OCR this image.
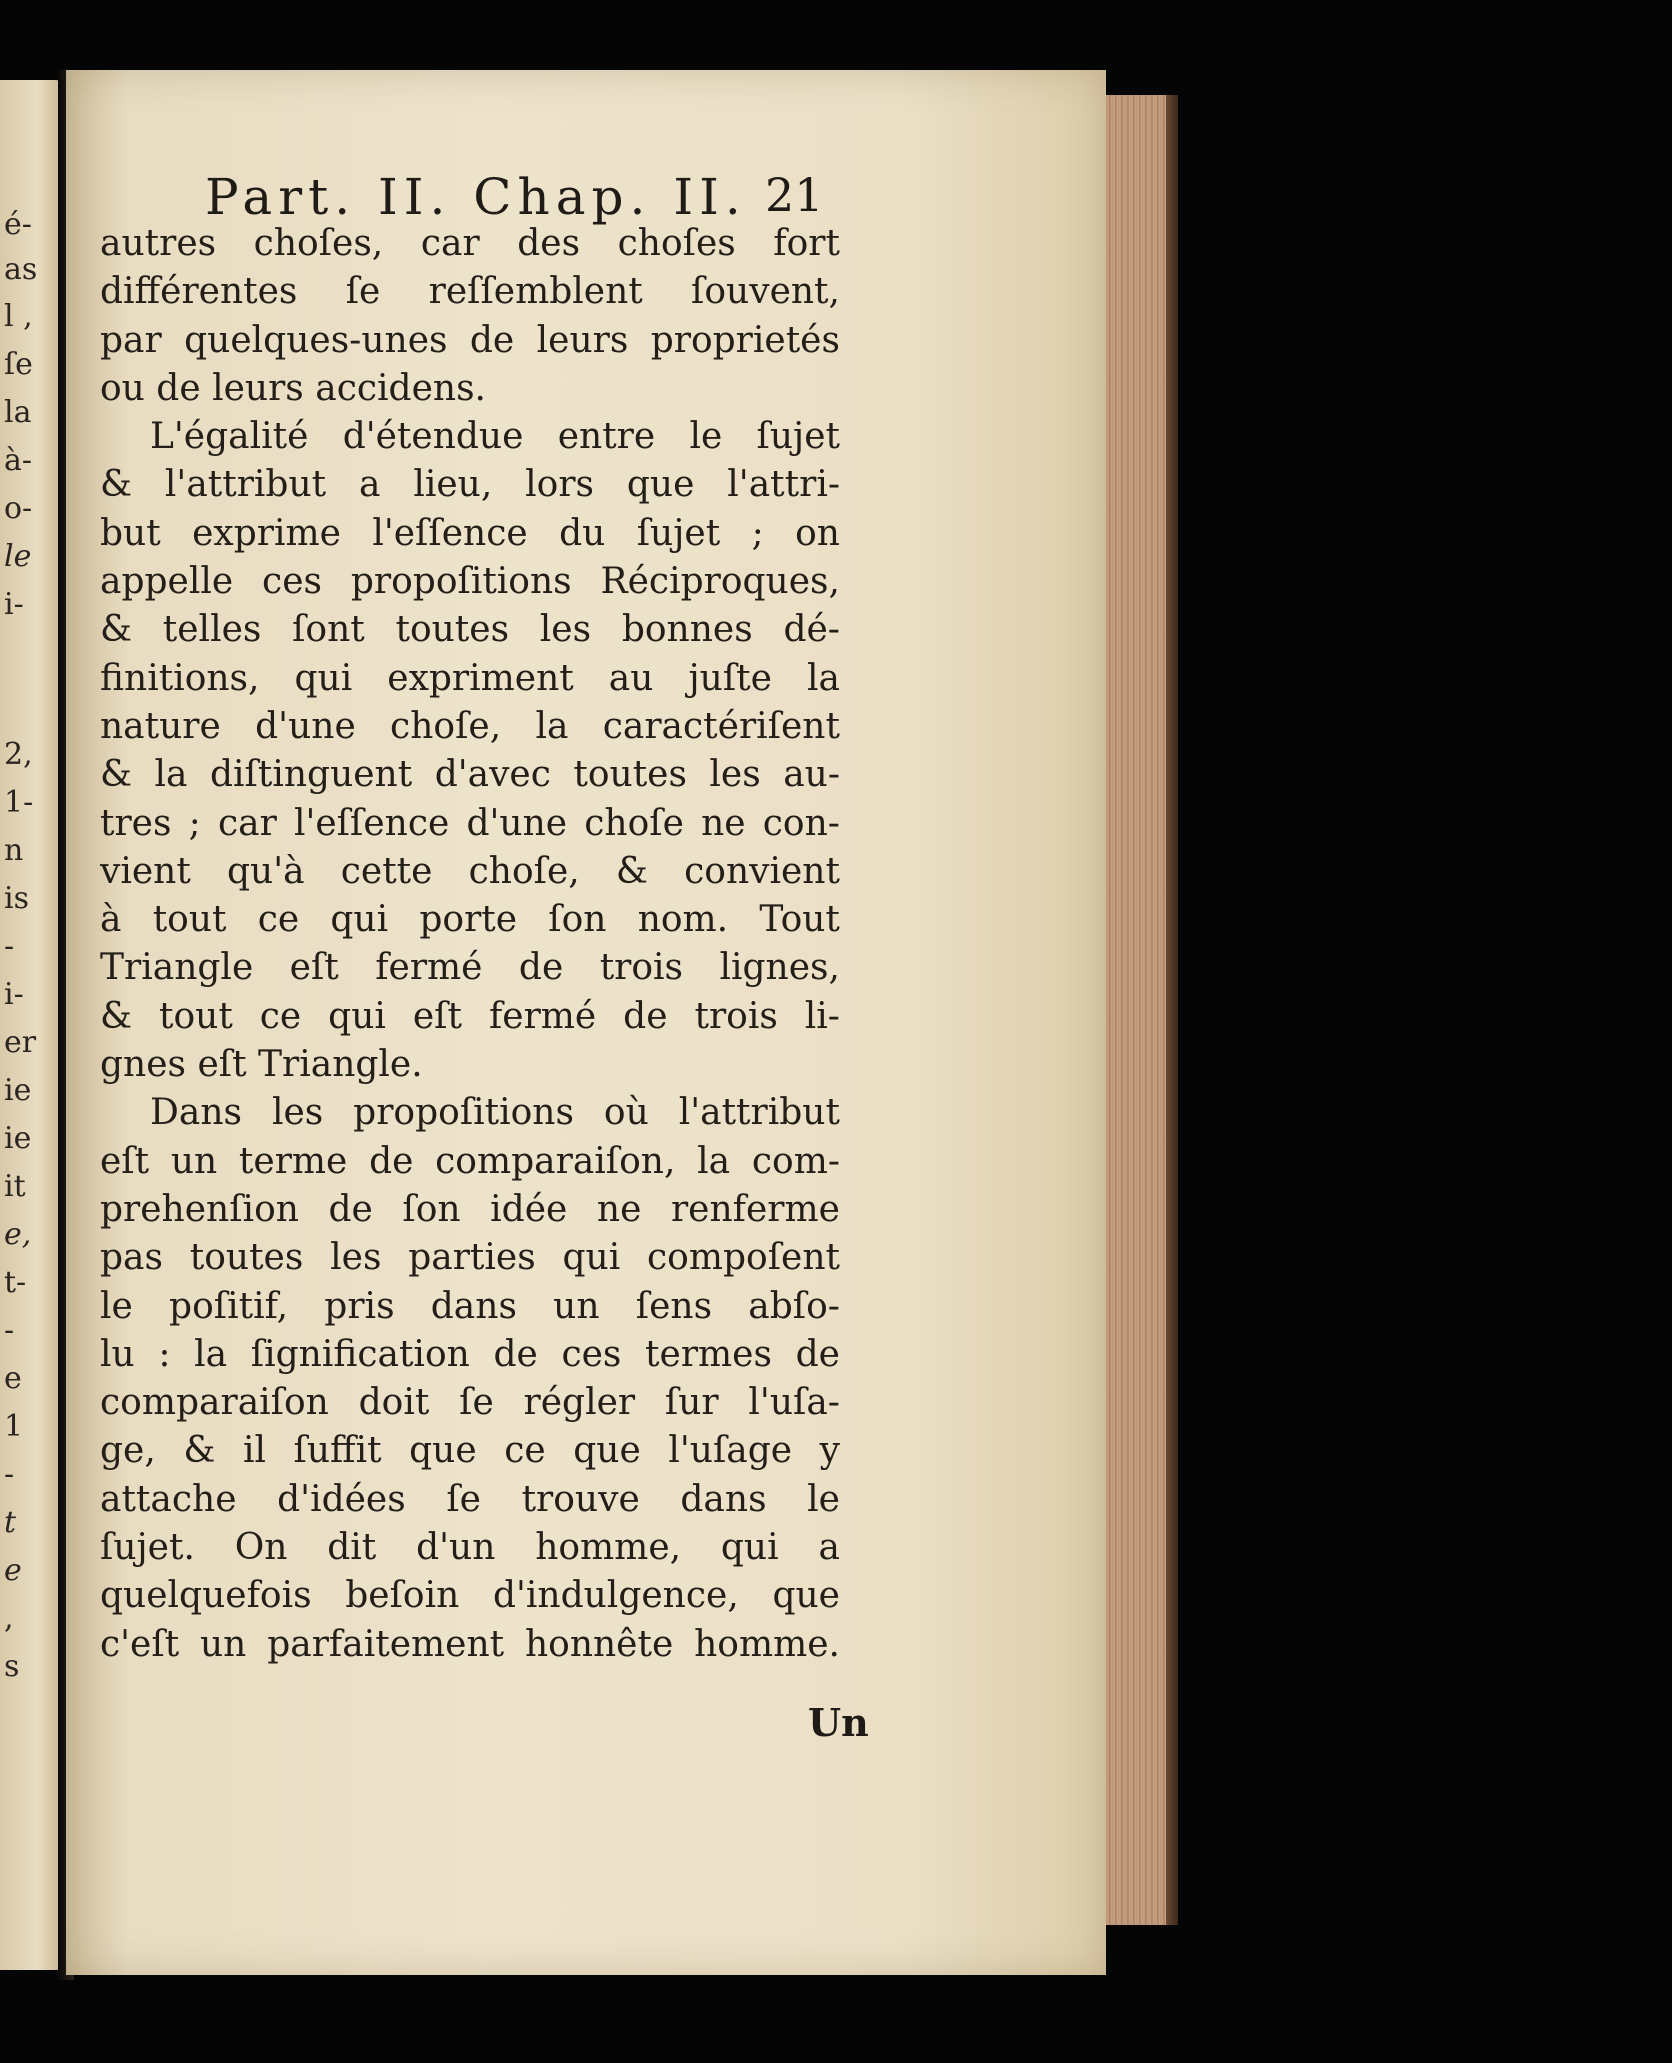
é-
as
l ,
ſe
la
à-
o-
le
i-
2,
1-
n
is
-
i-
er
ie
ie
it
e,
t-
-
e
1
-
t
e
,
s
Part. II. Chap. II. 21
autres choſes, car des choſes fort
différentes ſe reſſemblent ſouvent,
par quelques-unes de leurs proprietés
ou de leurs accidens.
L'égalité d'étendue entre le ſujet
& l'attribut a lieu, lors que l'attri-
but exprime l'eſſence du ſujet ; on
appelle ces propoſitions Réciproques,
& telles ſont toutes les bonnes dé-
finitions, qui expriment au juſte la
nature d'une choſe, la caractériſent
& la diſtinguent d'avec toutes les au-
tres ; car l'eſſence d'une choſe ne con-
vient qu'à cette choſe, & convient
à tout ce qui porte ſon nom. Tout
Triangle eſt fermé de trois lignes,
& tout ce qui eſt fermé de trois li-
gnes eſt Triangle.
Dans les propoſitions où l'attribut
eſt un terme de comparaiſon, la com-
prehenſion de ſon idée ne renferme
pas toutes les parties qui compoſent
le poſitif, pris dans un ſens abſo-
lu : la ſignification de ces termes de
comparaiſon doit ſe régler ſur l'uſa-
ge, & il ſuffit que ce que l'uſage y
attache d'idées ſe trouve dans le
ſujet. On dit d'un homme, qui a
quelquefois beſoin d'indulgence, que
c'eſt un parfaitement honnête homme.
Un
